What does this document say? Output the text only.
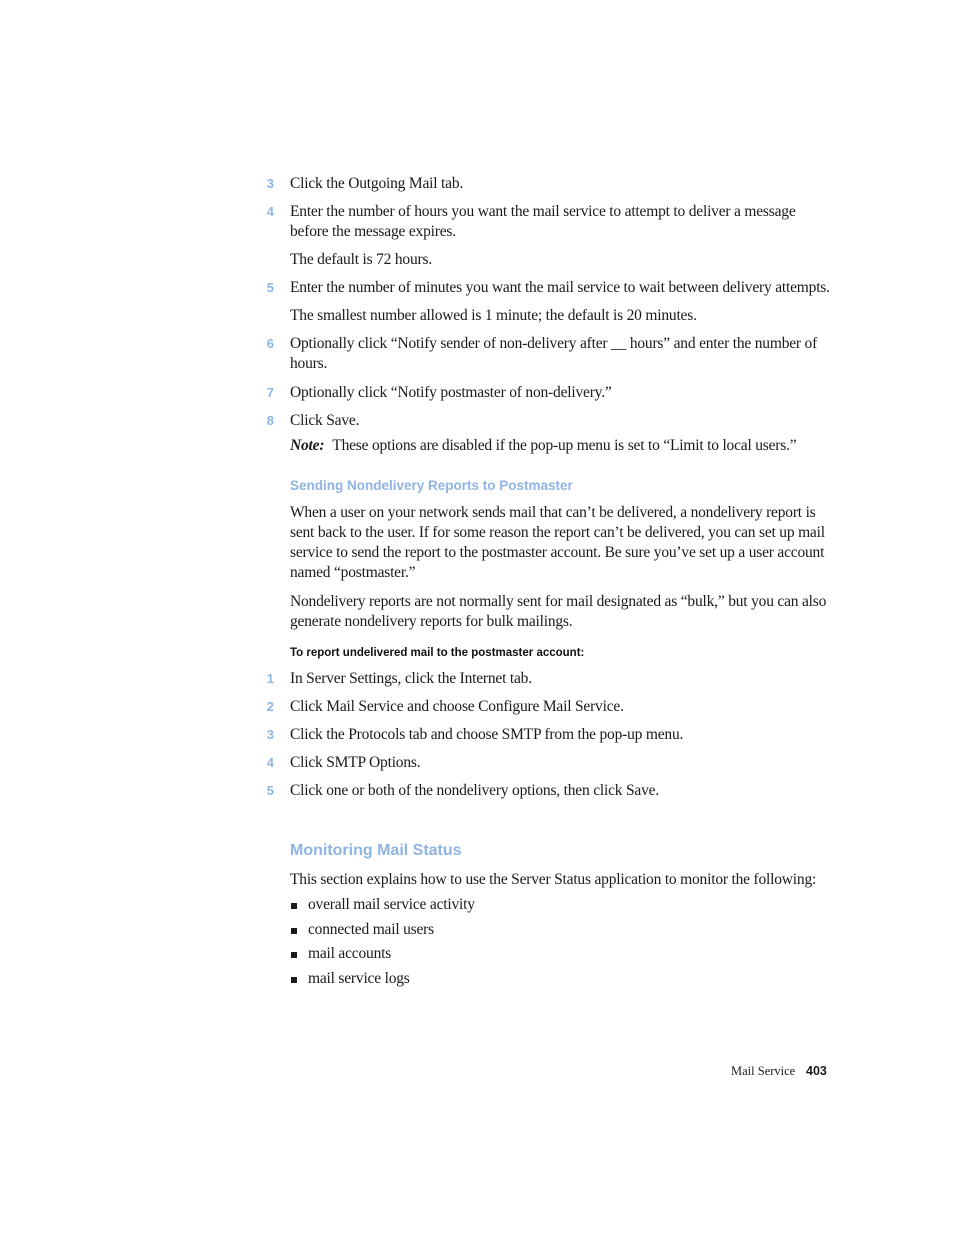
3 Click the Outgoing Mail tab.
4 Enter the number of hours you want the mail service to attempt to deliver a message before the message expires.
The default is 72 hours.
5 Enter the number of minutes you want the mail service to wait between delivery attempts.
The smallest number allowed is 1 minute; the default is 20 minutes.
6 Optionally click “Notify sender of non-delivery after __ hours” and enter the number of hours.
7 Optionally click “Notify postmaster of non-delivery.”
8 Click Save.
Note: These options are disabled if the pop-up menu is set to “Limit to local users.”
Sending Nondelivery Reports to Postmaster
When a user on your network sends mail that can’t be delivered, a nondelivery report is sent back to the user. If for some reason the report can’t be delivered, you can set up mail service to send the report to the postmaster account. Be sure you’ve set up a user account named “postmaster.”
Nondelivery reports are not normally sent for mail designated as “bulk,” but you can also generate nondelivery reports for bulk mailings.
To report undelivered mail to the postmaster account:
1 In Server Settings, click the Internet tab.
2 Click Mail Service and choose Configure Mail Service.
3 Click the Protocols tab and choose SMTP from the pop-up menu.
4 Click SMTP Options.
5 Click one or both of the nondelivery options, then click Save.
Monitoring Mail Status
This section explains how to use the Server Status application to monitor the following:
overall mail service activity
connected mail users
mail accounts
mail service logs
Mail Service 403
